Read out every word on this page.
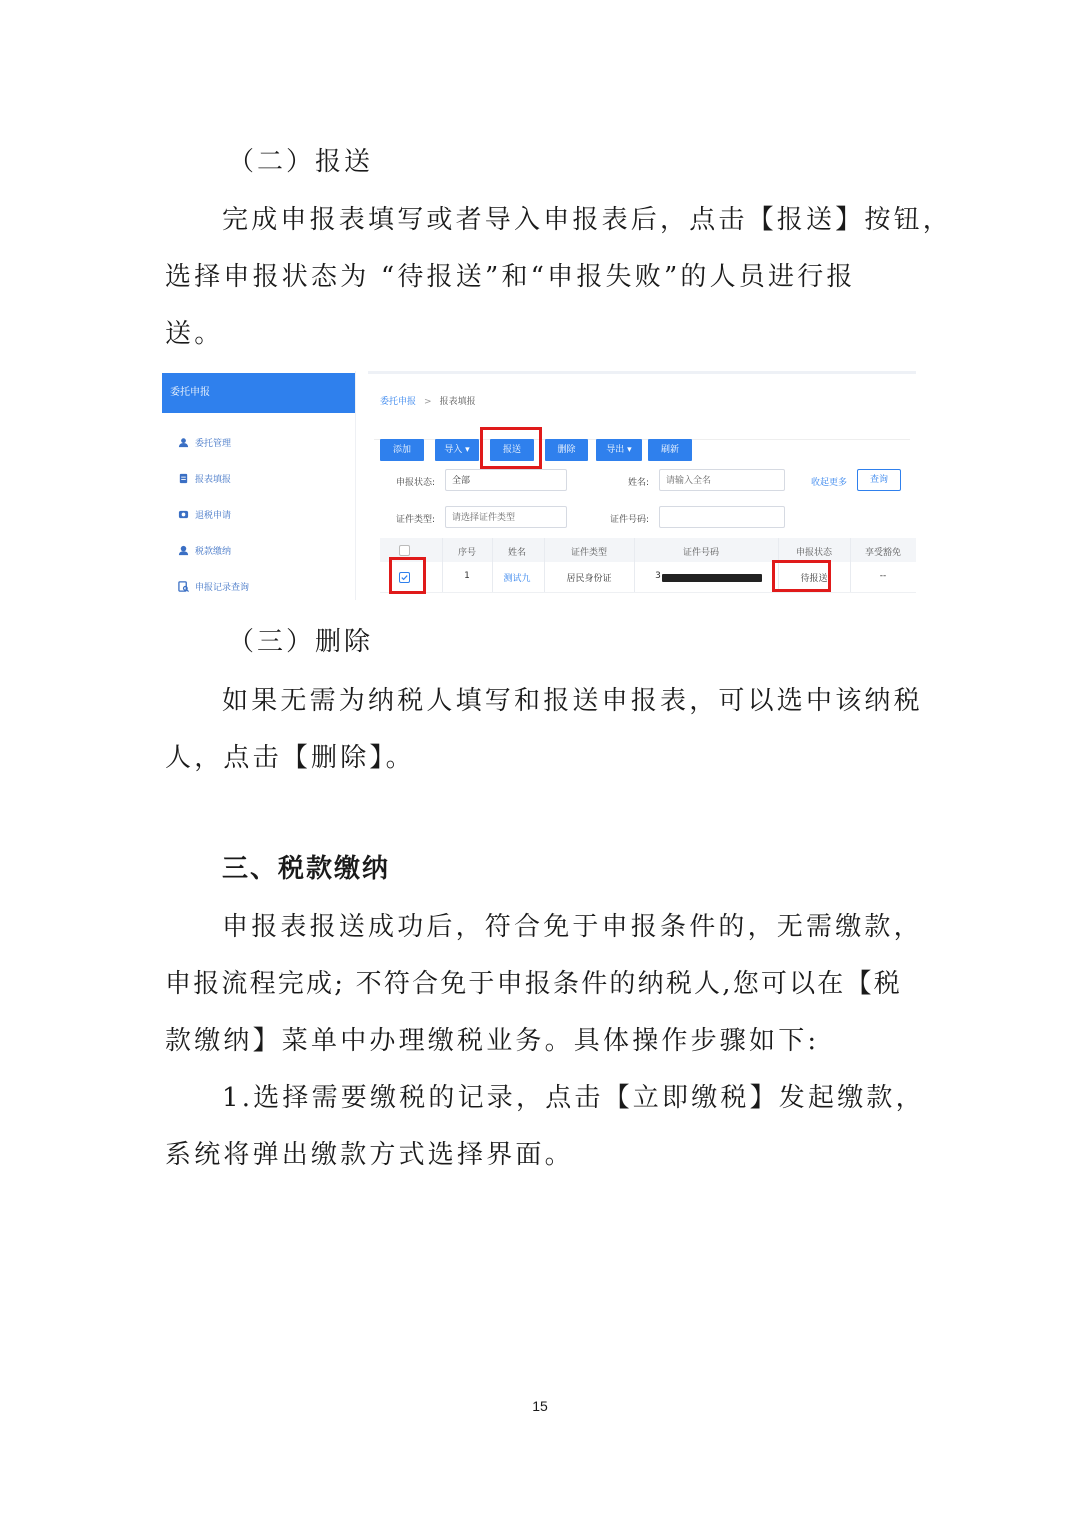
（二）报送

完成申报表填写或者导入申报表后，点击【报送】按钮，

选择申报状态为 “待报送”和“申报失败”的人员进行报

送。

委托申报
委托管理
报表填报
退税申请
税款缴纳
申报记录查询
委托申报 > 报表填报
添加	导入 ▾	报送	删除	导出 ▾	刷新
申报状态:	全部	姓名:	请输入全名	收起更多	查询
证件类型:	请选择证件类型	证件号码:
序号	姓名	证件类型	证件号码	申报状态	享受豁免
1	测试九	居民身份证	3	待报送	--

（三）删除

如果无需为纳税人填写和报送申报表，可以选中该纳税

人，点击【删除】。

三、税款缴纳

申报表报送成功后，符合免于申报条件的，无需缴款，

申报流程完成; 不符合免于申报条件的纳税人,您可以在【税

款缴纳】菜单中办理缴税业务。具体操作步骤如下:

1.选择需要缴税的记录，点击【立即缴税】发起缴款，

系统将弹出缴款方式选择界面。

15
